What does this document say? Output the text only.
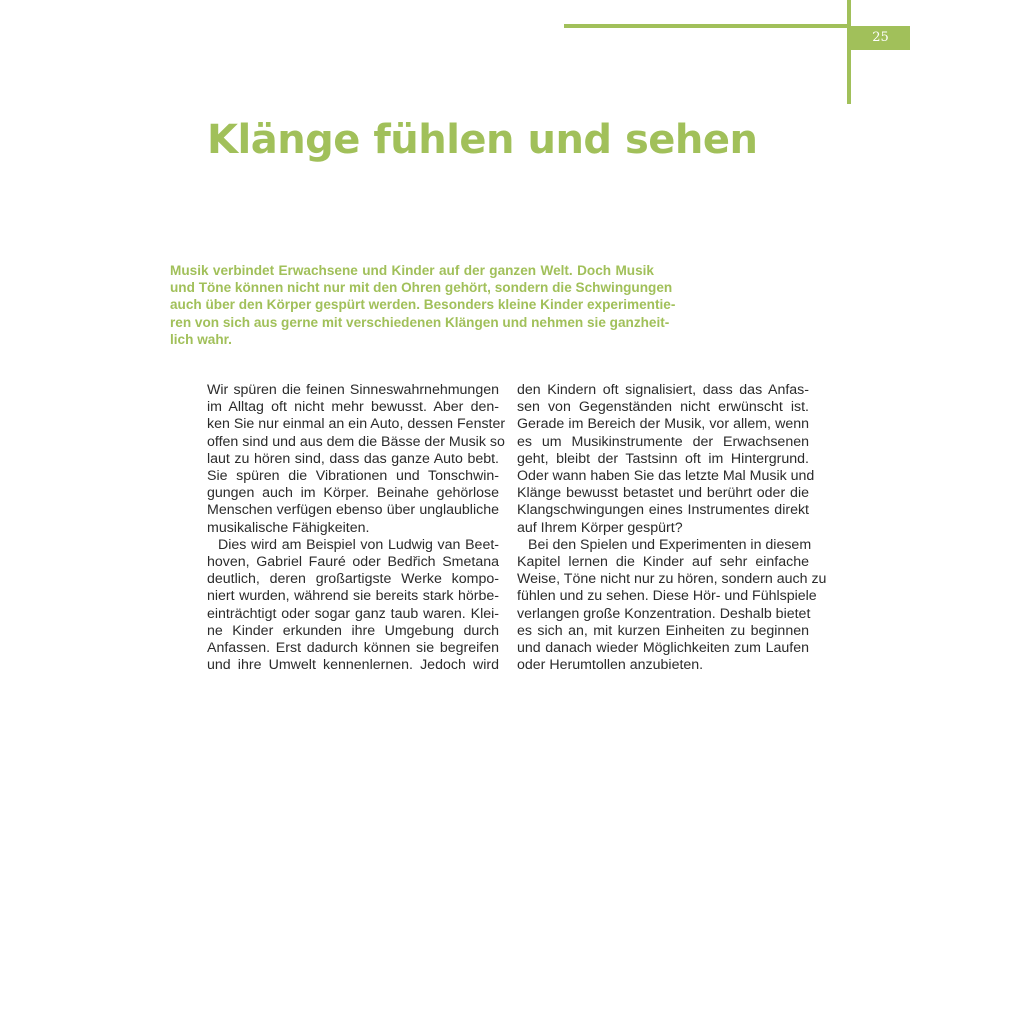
25
Klänge fühlen und sehen
Musik verbindet Erwachsene und Kinder auf der ganzen Welt. Doch Musik
und Töne können nicht nur mit den Ohren gehört, sondern die Schwingungen
auch über den Körper gespürt werden. Besonders kleine Kinder experimentie-
ren von sich aus gerne mit verschiedenen Klängen und nehmen sie ganzheit-
lich wahr.
Wir spüren die feinen Sinneswahrnehmungen
im Alltag oft nicht mehr bewusst. Aber den-
ken Sie nur einmal an ein Auto, dessen Fenster
offen sind und aus dem die Bässe der Musik so
laut zu hören sind, dass das ganze Auto bebt.
Sie spüren die Vibrationen und Tonschwin-
gungen auch im Körper. Beinahe gehörlose
Menschen verfügen ebenso über unglaubliche
musikalische Fähigkeiten.
Dies wird am Beispiel von Ludwig van Beet-
hoven, Gabriel Fauré oder Bedřich Smetana
deutlich, deren großartigste Werke kompo-
niert wurden, während sie bereits stark hörbe-
einträchtigt oder sogar ganz taub waren. Klei-
ne Kinder erkunden ihre Umgebung durch
Anfassen. Erst dadurch können sie begreifen
und ihre Umwelt kennenlernen. Jedoch wird
den Kindern oft signalisiert, dass das Anfas-
sen von Gegenständen nicht erwünscht ist.
Gerade im Bereich der Musik, vor allem, wenn
es um Musikinstrumente der Erwachsenen
geht, bleibt der Tastsinn oft im Hintergrund.
Oder wann haben Sie das letzte Mal Musik und
Klänge bewusst betastet und berührt oder die
Klangschwingungen eines Instrumentes direkt
auf Ihrem Körper gespürt?
Bei den Spielen und Experimenten in diesem
Kapitel lernen die Kinder auf sehr einfache
Weise, Töne nicht nur zu hören, sondern auch zu
fühlen und zu sehen. Diese Hör- und Fühlspiele
verlangen große Konzentration. Deshalb bietet
es sich an, mit kurzen Einheiten zu beginnen
und danach wieder Möglichkeiten zum Laufen
oder Herumtollen anzubieten.
